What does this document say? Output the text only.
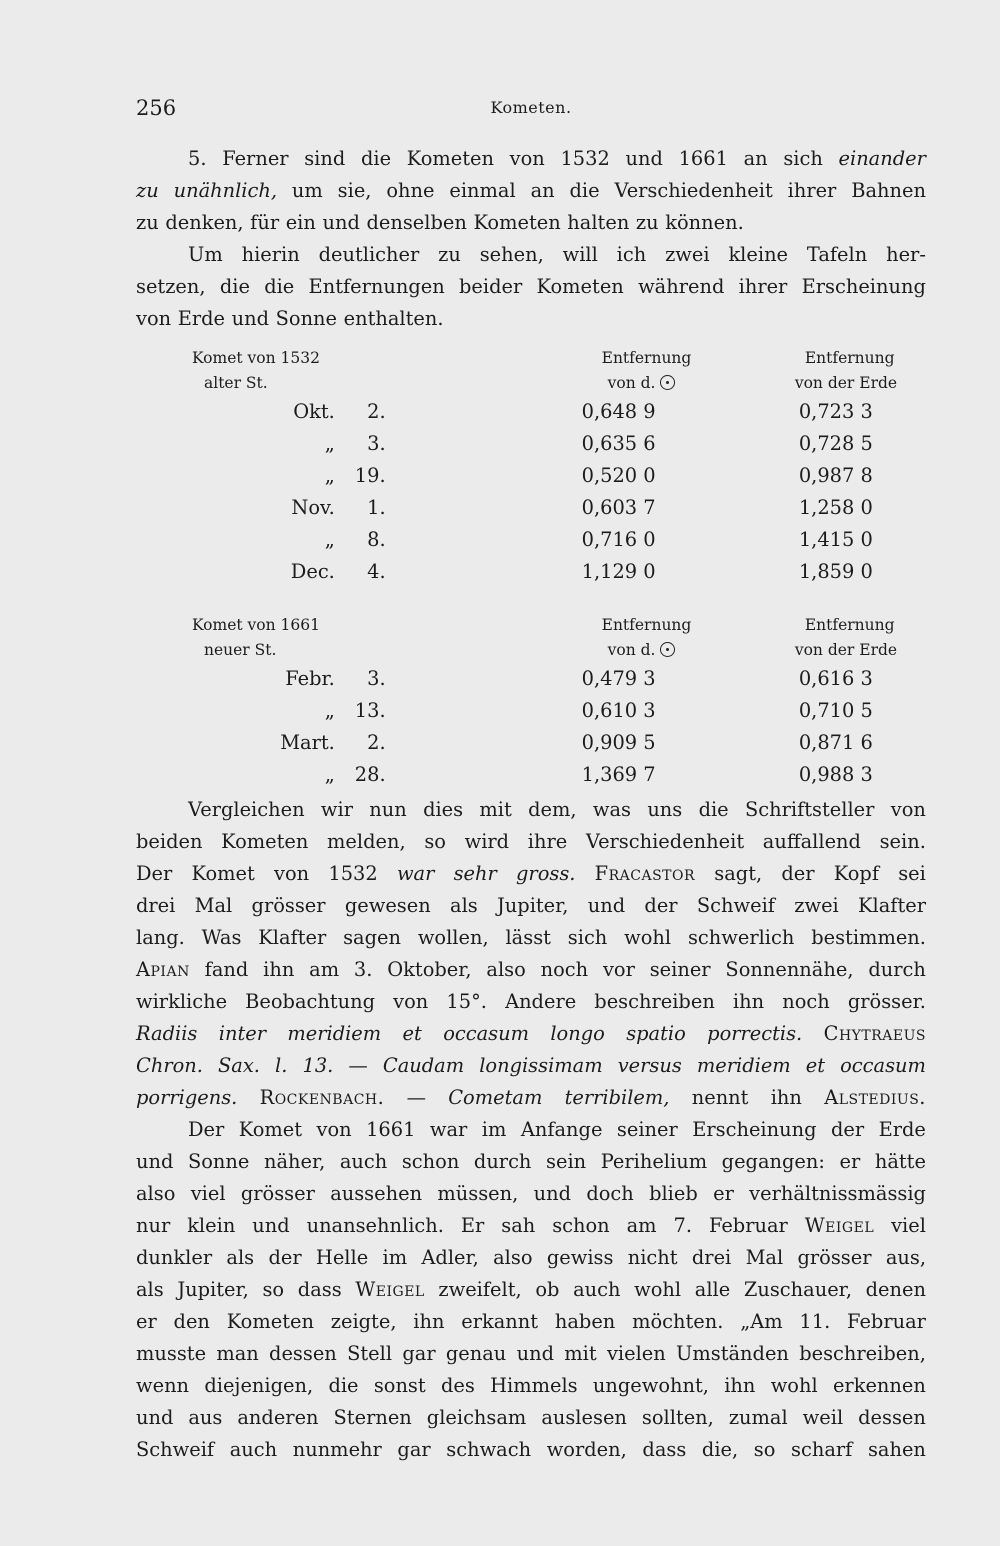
256	Kometen.
5. Ferner sind die Kometen von 1532 und 1661 an sich einander
zu unähnlich, um sie, ohne einmal an die Verschiedenheit ihrer Bahnen
zu denken, für ein und denselben Kometen halten zu können.
Um hierin deutlicher zu sehen, will ich zwei kleine Tafeln her-
setzen, die die Entfernungen beider Kometen während ihrer Erscheinung
von Erde und Sonne enthalten.
Komet von 1532		Entfernung	Entfernung
alter St.		von d.	von der Erde
Okt.	2.	0,648 9	0,723 3
„	3.	0,635 6	0,728 5
„	19.	0,520 0	0,987 8
Nov.	1.	0,603 7	1,258 0
„	8.	0,716 0	1,415 0
Dec.	4.	1,129 0	1,859 0
Komet von 1661		Entfernung	Entfernung
neuer St.		von d.	von der Erde
Febr.	3.	0,479 3	0,616 3
„	13.	0,610 3	0,710 5
Mart.	2.	0,909 5	0,871 6
„	28.	1,369 7	0,988 3
Vergleichen wir nun dies mit dem, was uns die Schriftsteller von
beiden Kometen melden, so wird ihre Verschiedenheit auffallend sein.
Der Komet von 1532 war sehr gross. Fracastor sagt, der Kopf sei
drei Mal grösser gewesen als Jupiter, und der Schweif zwei Klafter
lang. Was Klafter sagen wollen, lässt sich wohl schwerlich bestimmen.
Apian fand ihn am 3. Oktober, also noch vor seiner Sonnennähe, durch
wirkliche Beobachtung von 15°. Andere beschreiben ihn noch grösser.
Radiis inter meridiem et occasum longo spatio porrectis. Chytraeus
Chron. Sax. l. 13. — Caudam longissimam versus meridiem et occasum
porrigens. Rockenbach. — Cometam terribilem, nennt ihn Alstedius.
Der Komet von 1661 war im Anfange seiner Erscheinung der Erde
und Sonne näher, auch schon durch sein Perihelium gegangen: er hätte
also viel grösser aussehen müssen, und doch blieb er verhältnissmässig
nur klein und unansehnlich. Er sah schon am 7. Februar Weigel viel
dunkler als der Helle im Adler, also gewiss nicht drei Mal grösser aus,
als Jupiter, so dass Weigel zweifelt, ob auch wohl alle Zuschauer, denen
er den Kometen zeigte, ihn erkannt haben möchten. „Am 11. Februar
musste man dessen Stell gar genau und mit vielen Umständen beschreiben,
wenn diejenigen, die sonst des Himmels ungewohnt, ihn wohl erkennen
und aus anderen Sternen gleichsam auslesen sollten, zumal weil dessen
Schweif auch nunmehr gar schwach worden, dass die, so scharf sahen
